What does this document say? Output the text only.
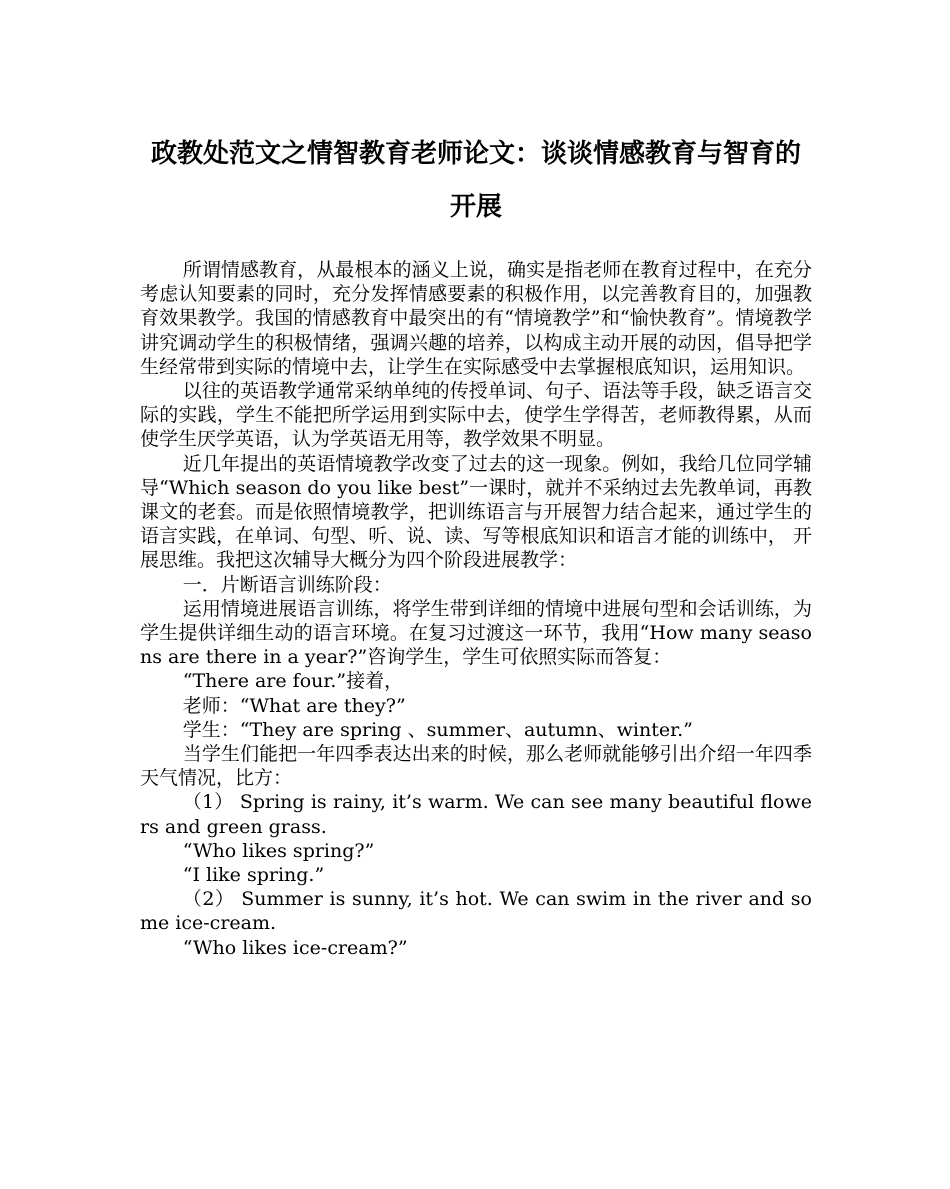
政教处范文之情智教育老师论文：谈谈情感教育与智育的开展

所谓情感教育，从最根本的涵义上说，确实是指老师在教育过程中，在充分考虑认知要素的同时，充分发挥情感要素的积极作用，以完善教育目的，加强教育效果教学。我国的情感教育中最突出的有“情境教学”和“愉快教育”。情境教学讲究调动学生的积极情绪，强调兴趣的培养，以构成主动开展的动因，倡导把学生经常带到实际的情境中去，让学生在实际感受中去掌握根底知识，运用知识。

以往的英语教学通常采纳单纯的传授单词、句子、语法等手段，缺乏语言交际的实践，学生不能把所学运用到实际中去，使学生学得苦，老师教得累，从而使学生厌学英语，认为学英语无用等，教学效果不明显。

近几年提出的英语情境教学改变了过去的这一现象。例如，我给几位同学辅导“Which season do you like best”一课时，就并不采纳过去先教单词，再教课文的老套。而是依照情境教学，把训练语言与开展智力结合起来，通过学生的语言实践，在单词、句型、听、说、读、写等根底知识和语言才能的训练中， 开展思维。我把这次辅导大概分为四个阶段进展教学：

一．片断语言训练阶段：

运用情境进展语言训练，将学生带到详细的情境中进展句型和会话训练，为学生提供详细生动的语言环境。在复习过渡这一环节，我用“How many seasons are there in a year?”咨询学生，学生可依照实际而答复：

“There are four.”接着，

老师：“What are they?”

学生：“They are spring 、summer、autumn、winter.”

当学生们能把一年四季表达出来的时候，那么老师就能够引出介绍一年四季天气情况，比方：

（1） Spring is rainy, it’s warm. We can see many beautiful flowers and green grass.

“Who likes spring?”

“I like spring.”

（2） Summer is sunny, it’s hot. We can swim in the river and some ice-cream.

“Who likes ice-cream?”
